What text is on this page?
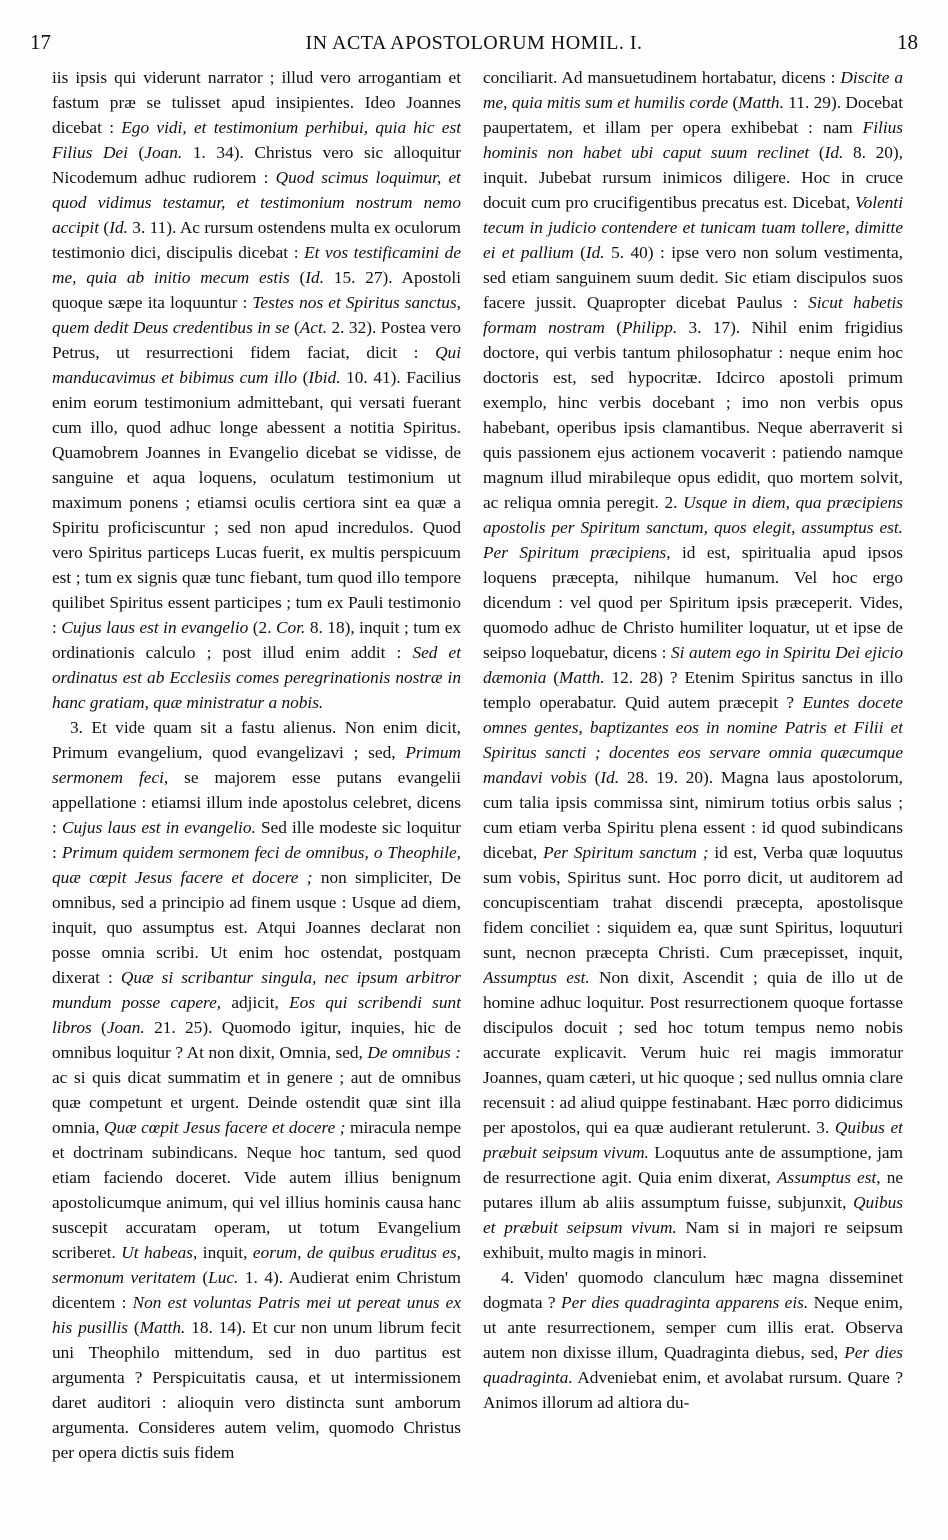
17	IN ACTA APOSTOLORUM HOMIL. I.	18

iis ipsis qui viderunt narrator ; illud vero arrogantiam et fastum præ se tulisset apud insipientes. Ideo Joannes dicebat : Ego vidi, et testimonium perhibui, quia hic est Filius Dei (Joan. 1. 34). Christus vero sic alloquitur Nicodemum adhuc rudiorem : Quod scimus loquimur, et quod vidimus testamur, et testimonium nostrum nemo accipit (Id. 3. 11). Ac rursum ostendens multa ex oculorum testimonio dici, discipulis dicebat : Et vos testificamini de me, quia ab initio mecum estis (Id. 15. 27). Apostoli quoque sæpe ita loquuntur : Testes nos et Spiritus sanctus, quem dedit Deus credentibus in se (Act. 2. 32). Postea vero Petrus, ut resurrectioni fidem faciat, dicit : Qui manducavimus et bibimus cum illo (Ibid. 10. 41). Facilius enim eorum testimonium admittebant, qui versati fuerant cum illo, quod adhuc longe abessent a notitia Spiritus. Quamobrem Joannes in Evangelio dicebat se vidisse, de sanguine et aqua loquens, oculatum testimonium ut maximum ponens ; etiamsi oculis certiora sint ea quæ a Spiritu proficiscuntur ; sed non apud incredulos. Quod vero Spiritus particeps Lucas fuerit, ex multis perspicuum est ; tum ex signis quæ tunc fiebant, tum quod illo tempore quilibet Spiritus essent participes ; tum ex Pauli testimonio : Cujus laus est in evangelio (2. Cor. 8. 18), inquit ; tum ex ordinationis calculo ; post illud enim addit : Sed et ordinatus est ab Ecclesiis comes peregrinationis nostræ in hanc gratiam, quæ ministratur a nobis.

3. Et vide quam sit a fastu alienus. Non enim dicit, Primum evangelium, quod evangelizavi ; sed, Primum sermonem feci, se majorem esse putans evangelii appellatione : etiamsi illum inde apostolus celebret, dicens : Cujus laus est in evangelio. Sed ille modeste sic loquitur : Primum quidem sermonem feci de omnibus, o Theophile, quæ cœpit Jesus facere et docere ; non simpliciter, De omnibus, sed a principio ad finem usque : Usque ad diem, inquit, quo assumptus est. Atqui Joannes declarat non posse omnia scribi. Ut enim hoc ostendat, postquam dixerat : Quæ si scribantur singula, nec ipsum arbitror mundum posse capere, adjicit, Eos qui scribendi sunt libros (Joan. 21. 25). Quomodo igitur, inquies, hic de omnibus loquitur ? At non dixit, Omnia, sed, De omnibus : ac si quis dicat summatim et in genere ; aut de omnibus quæ competunt et urgent. Deinde ostendit quæ sint illa omnia, Quæ cœpit Jesus facere et docere ; miracula nempe et doctrinam subindicans. Neque hoc tantum, sed quod etiam faciendo doceret. Vide autem illius benignum apostolicumque animum, qui vel illius hominis causa hanc suscepit accuratam operam, ut totum Evangelium scriberet. Ut habeas, inquit, eorum, de quibus eruditus es, sermonum veritatem (Luc. 1. 4). Audierat enim Christum dicentem : Non est voluntas Patris mei ut pereat unus ex his pusillis (Matth. 18. 14). Et cur non unum librum fecit uni Theophilo mittendum, sed in duo partitus est argumenta ? Perspicuitatis causa, et ut intermissionem daret auditori : alioquin vero distincta sunt amborum argumenta. Consideres autem velim, quomodo Christus per opera dictis suis fidem

conciliarit. Ad mansuetudinem hortabatur, dicens : Discite a me, quia mitis sum et humilis corde (Matth. 11. 29). Docebat paupertatem, et illam per opera exhibebat : nam Filius hominis non habet ubi caput suum reclinet (Id. 8. 20), inquit. Jubebat rursum inimicos diligere. Hoc in cruce docuit cum pro crucifigentibus precatus est. Dicebat, Volenti tecum in judicio contendere et tunicam tuam tollere, dimitte ei et pallium (Id. 5. 40) : ipse vero non solum vestimenta, sed etiam sanguinem suum dedit. Sic etiam discipulos suos facere jussit. Quapropter dicebat Paulus : Sicut habetis formam nostram (Philipp. 3. 17). Nihil enim frigidius doctore, qui verbis tantum philosophatur : neque enim hoc doctoris est, sed hypocritæ. Idcirco apostoli primum exemplo, hinc verbis docebant ; imo non verbis opus habebant, operibus ipsis clamantibus. Neque aberraverit si quis passionem ejus actionem vocaverit : patiendo namque magnum illud mirabileque opus edidit, quo mortem solvit, ac reliqua omnia peregit. 2. Usque in diem, qua præcipiens apostolis per Spiritum sanctum, quos elegit, assumptus est. Per Spiritum præcipiens, id est, spiritualia apud ipsos loquens præcepta, nihilque humanum. Vel hoc ergo dicendum : vel quod per Spiritum ipsis præceperit. Vides, quomodo adhuc de Christo humiliter loquatur, ut et ipse de seipso loquebatur, dicens : Si autem ego in Spiritu Dei ejicio dæmonia (Matth. 12. 28) ? Etenim Spiritus sanctus in illo templo operabatur. Quid autem præcepit ? Euntes docete omnes gentes, baptizantes eos in nomine Patris et Filii et Spiritus sancti ; docentes eos servare omnia quæcumque mandavi vobis (Id. 28. 19. 20). Magna laus apostolorum, cum talia ipsis commissa sint, nimirum totius orbis salus ; cum etiam verba Spiritu plena essent : id quod subindicans dicebat, Per Spiritum sanctum ; id est, Verba quæ loquutus sum vobis, Spiritus sunt. Hoc porro dicit, ut auditorem ad concupiscentiam trahat discendi præcepta, apostolisque fidem conciliet : siquidem ea, quæ sunt Spiritus, loquuturi sunt, necnon præcepta Christi. Cum præcepisset, inquit, Assumptus est. Non dixit, Ascendit ; quia de illo ut de homine adhuc loquitur. Post resurrectionem quoque fortasse discipulos docuit ; sed hoc totum tempus nemo nobis accurate explicavit. Verum huic rei magis immoratur Joannes, quam cæteri, ut hic quoque ; sed nullus omnia clare recensuit : ad aliud quippe festinabant. Hæc porro didicimus per apostolos, qui ea quæ audierant retulerunt. 3. Quibus et præbuit seipsum vivum. Loquutus ante de assumptione, jam de resurrectione agit. Quia enim dixerat, Assumptus est, ne putares illum ab aliis assumptum fuisse, subjunxit, Quibus et præbuit seipsum vivum. Nam si in majori re seipsum exhibuit, multo magis in minori.

4. Viden' quomodo clanculum hæc magna disseminet dogmata ? Per dies quadraginta apparens eis. Neque enim, ut ante resurrectionem, semper cum illis erat. Observa autem non dixisse illum, Quadraginta diebus, sed, Per dies quadraginta. Adveniebat enim, et avolabat rursum. Quare ? Animos illorum ad altiora du-
